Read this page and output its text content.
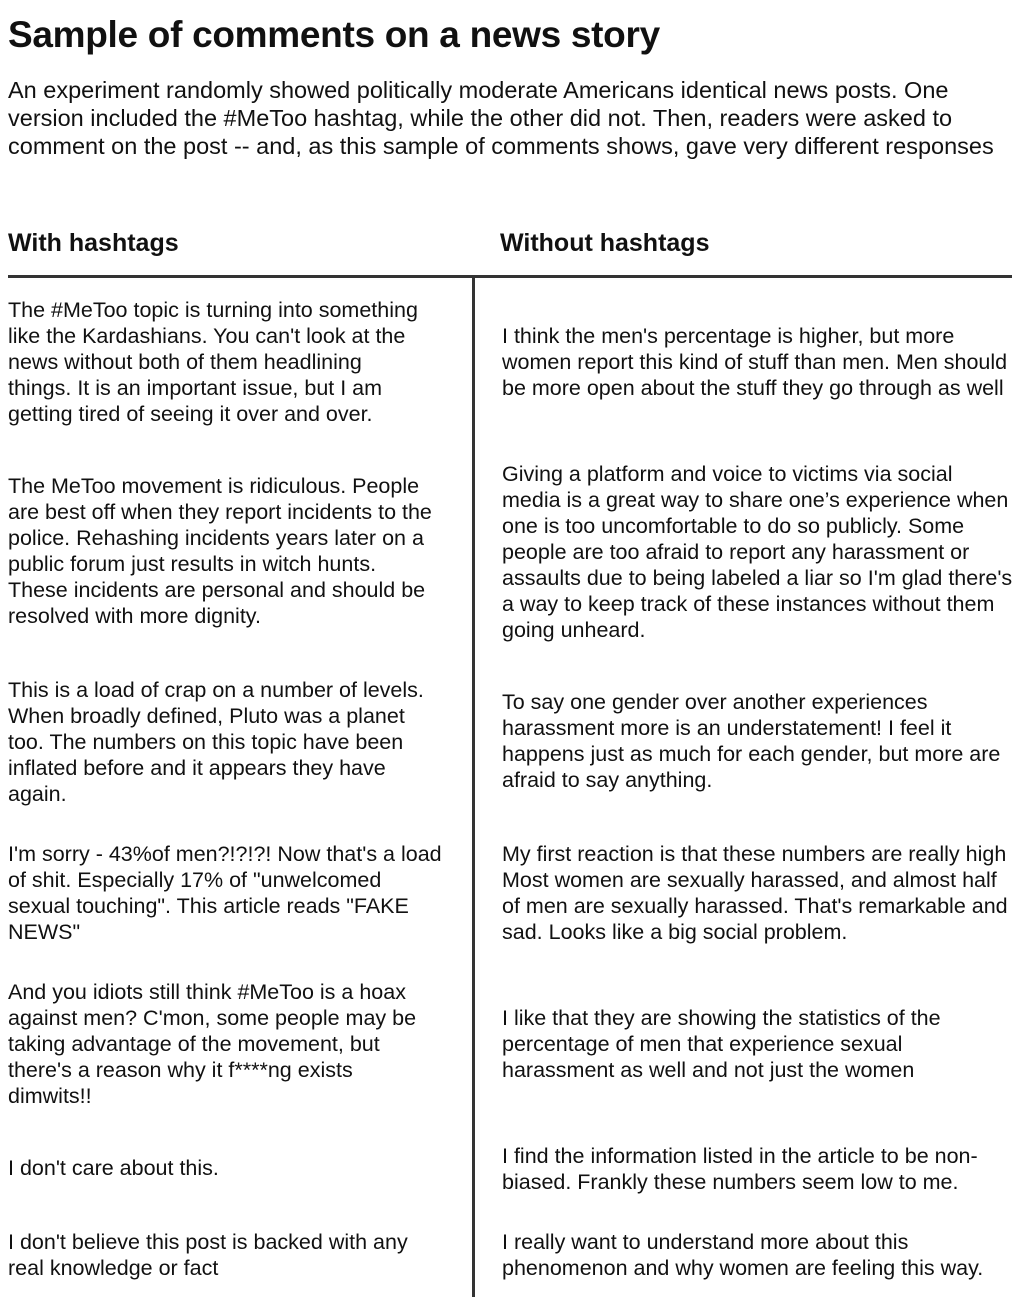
Sample of comments on a news story
An experiment randomly showed politically moderate Americans identical news posts. One
version included the #MeToo hashtag, while the other did not. Then, readers were asked to
comment on the post -- and, as this sample of comments shows, gave very different responses
With hashtags	Without hashtags
The #MeToo topic is turning into something
like the Kardashians. You can't look at the
news without both of them headlining
things. It is an important issue, but I am
getting tired of seeing it over and over.
The MeToo movement is ridiculous. People
are best off when they report incidents to the
police. Rehashing incidents years later on a
public forum just results in witch hunts.
These incidents are personal and should be
resolved with more dignity.
This is a load of crap on a number of levels.
When broadly defined, Pluto was a planet
too. The numbers on this topic have been
inflated before and it appears they have
again.
I'm sorry - 43%of men?!?!?! Now that's a load
of shit. Especially 17% of "unwelcomed
sexual touching". This article reads "FAKE
NEWS"
And you idiots still think #MeToo is a hoax
against men? C'mon, some people may be
taking advantage of the movement, but
there's a reason why it f****ng exists
dimwits!!
I don't care about this.
I don't believe this post is backed with any
real knowledge or fact
I think the men's percentage is higher, but more
women report this kind of stuff than men. Men should
be more open about the stuff they go through as well
Giving a platform and voice to victims via social
media is a great way to share one’s experience when
one is too uncomfortable to do so publicly. Some
people are too afraid to report any harassment or
assaults due to being labeled a liar so I'm glad there's
a way to keep track of these instances without them
going unheard.
To say one gender over another experiences
harassment more is an understatement! I feel it
happens just as much for each gender, but more are
afraid to say anything.
My first reaction is that these numbers are really high
Most women are sexually harassed, and almost half
of men are sexually harassed. That's remarkable and
sad. Looks like a big social problem.
I like that they are showing the statistics of the
percentage of men that experience sexual
harassment as well and not just the women
I find the information listed in the article to be non-
biased. Frankly these numbers seem low to me.
I really want to understand more about this
phenomenon and why women are feeling this way.
